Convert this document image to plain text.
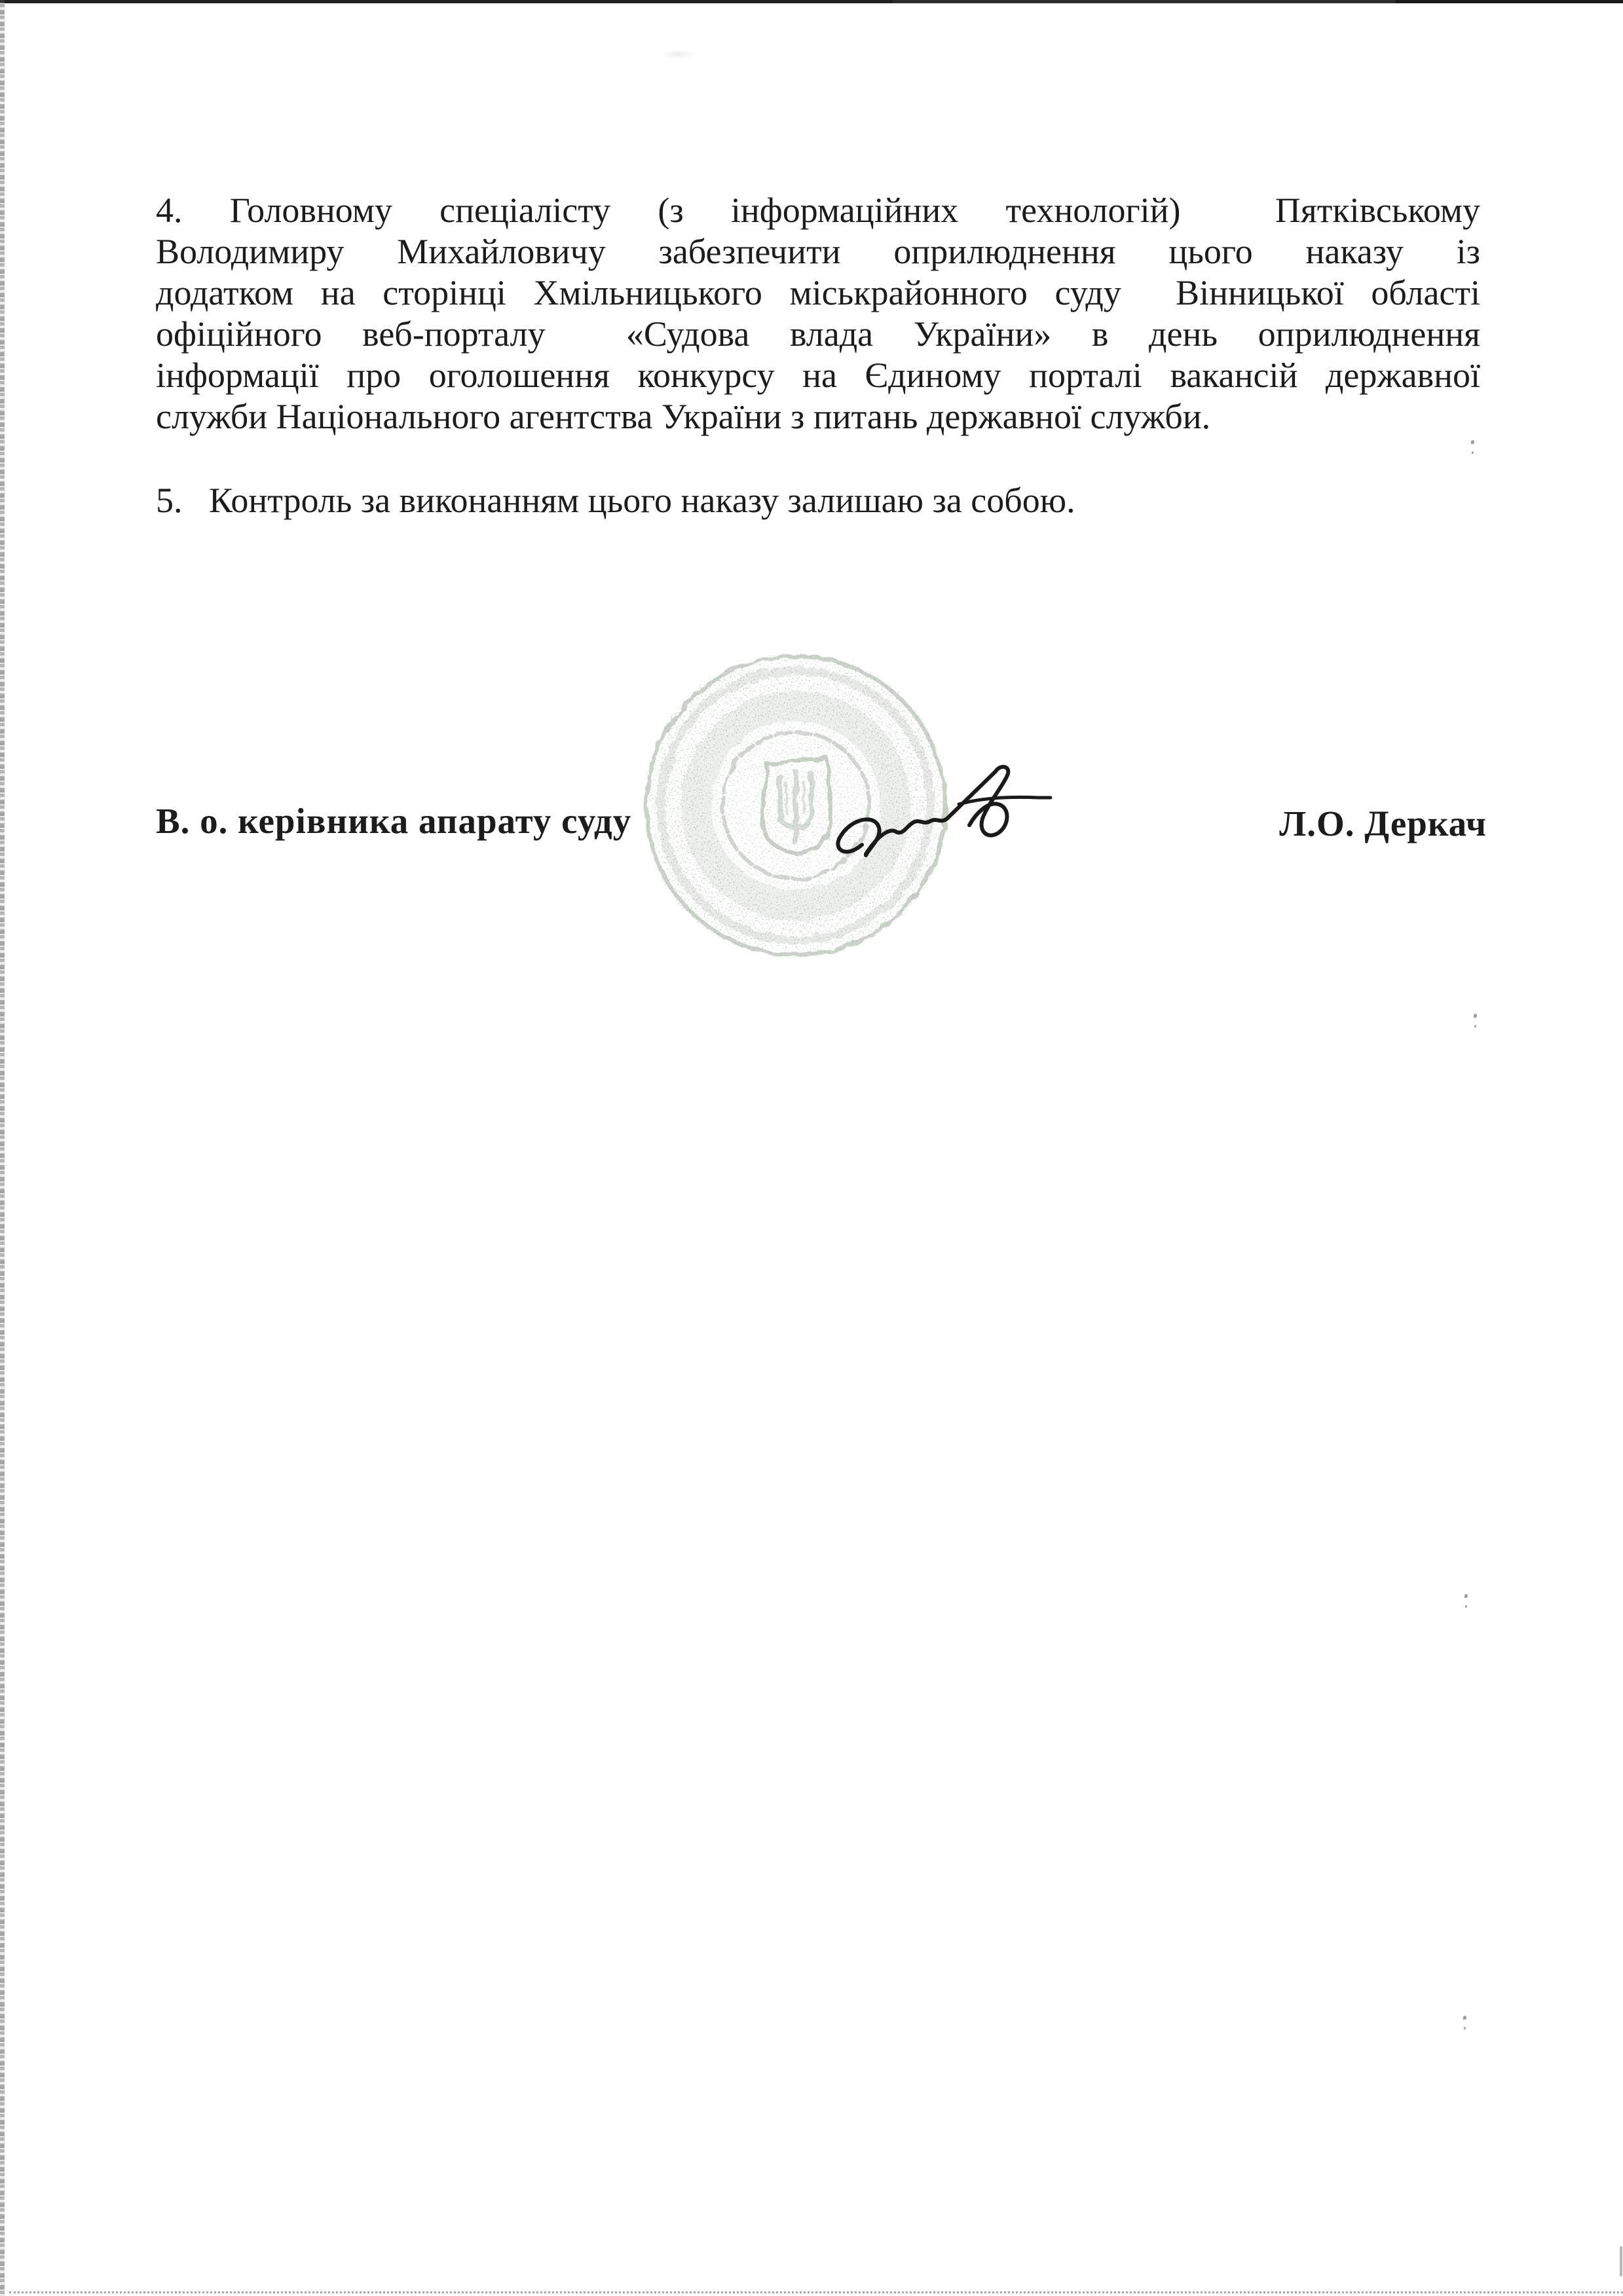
4. Головному спеціалісту (з інформаційних технологій)  Пятківському
Володимиру Михайловичу забезпечити оприлюднення цього наказу із
додатком на сторінці Хмільницького міськрайонного суду  Вінницької області
офіційного веб-порталу  «Судова влада України» в день оприлюднення
інформації про оголошення конкурсу на Єдиному порталі вакансій державної
служби Національного агентства України з питань державної служби.
5.   Контроль за виконанням цього наказу залишаю за собою.
В. о. керівника апарату суду	Л.О. Деркач
